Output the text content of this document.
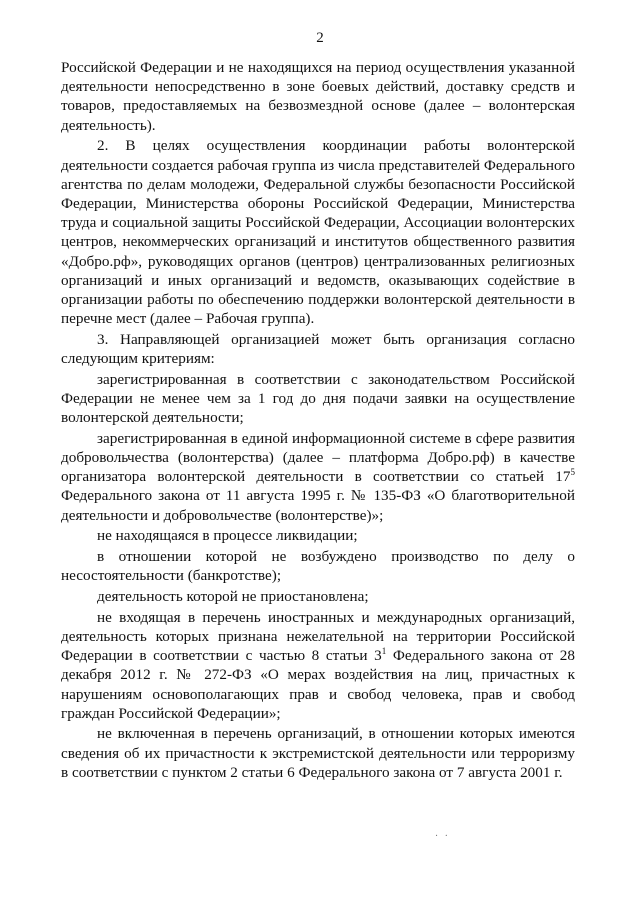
2

Российской Федерации и не находящихся на период осуществления указанной деятельности непосредственно в зоне боевых действий, доставку средств и товаров, предоставляемых на безвозмездной основе (далее – волонтерская деятельность).

2. В целях осуществления координации работы волонтерской деятельности создается рабочая группа из числа представителей Федерального агентства по делам молодежи, Федеральной службы безопасности Российской Федерации, Министерства обороны Российской Федерации, Министерства труда и социальной защиты Российской Федерации, Ассоциации волонтерских центров, некоммерческих организаций и институтов общественного развития «Добро.рф», руководящих органов (центров) централизованных религиозных организаций и иных организаций и ведомств, оказывающих содействие в организации работы по обеспечению поддержки волонтерской деятельности в перечне мест (далее – Рабочая группа).

3. Направляющей организацией может быть организация согласно следующим критериям:

зарегистрированная в соответствии с законодательством Российской Федерации не менее чем за 1 год до дня подачи заявки на осуществление волонтерской деятельности;

зарегистрированная в единой информационной системе в сфере развития добровольчества (волонтерства) (далее – платформа Добро.рф) в качестве организатора волонтерской деятельности в соответствии со статьей $17^5$ Федерального закона от 11 августа 1995 г. № 135-ФЗ «О благотворительной деятельности и добровольчестве (волонтерстве)»;

не находящаяся в процессе ликвидации;

в отношении которой не возбуждено производство по делу о несостоятельности (банкротстве);

деятельность которой не приостановлена;

не входящая в перечень иностранных и международных организаций, деятельность которых признана нежелательной на территории Российской Федерации в соответствии с частью 8 статьи $3^1$ Федерального закона от 28 декабря 2012 г. № 272-ФЗ «О мерах воздействия на лиц, причастных к нарушениям основополагающих прав и свобод человека, прав и свобод граждан Российской Федерации»;

не включенная в перечень организаций, в отношении которых имеются сведения об их причастности к экстремистской деятельности или терроризму в соответствии с пунктом 2 статьи 6 Федерального закона от 7 августа 2001 г.

· ·
